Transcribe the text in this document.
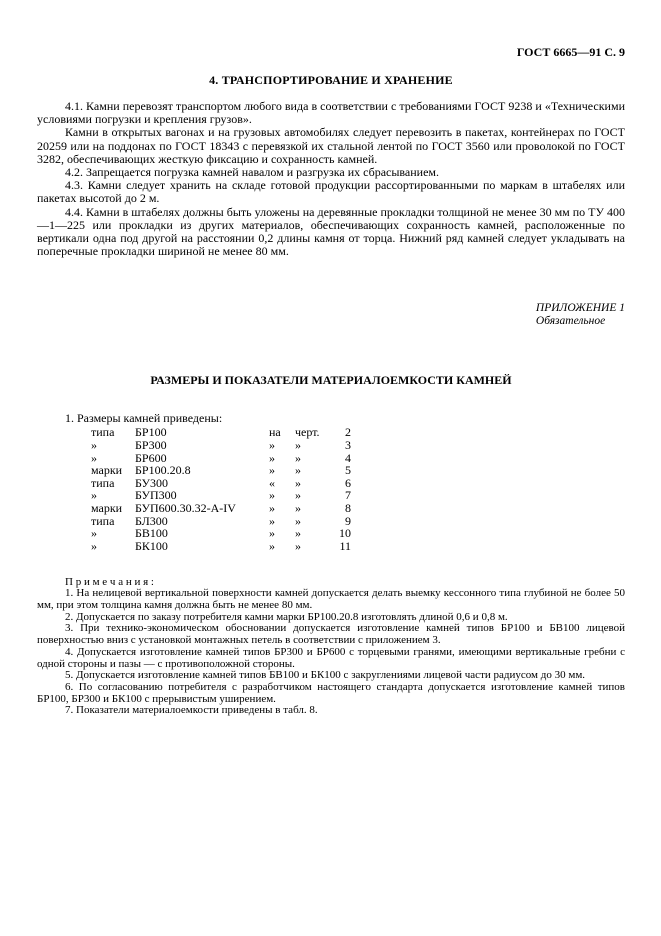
ГОСТ 6665—91 С. 9
4. ТРАНСПОРТИРОВАНИЕ И ХРАНЕНИЕ

4.1. Камни перевозят транспортом любого вида в соответствии с требованиями ГОСТ 9238 и «Техническими условиями погрузки и крепления грузов».

Камни в открытых вагонах и на грузовых автомобилях следует перевозить в пакетах, контейнерах по ГОСТ 20259 или на поддонах по ГОСТ 18343 с перевязкой их стальной лентой по ГОСТ 3560 или проволокой по ГОСТ 3282, обеспечивающих жесткую фиксацию и сохранность камней.

4.2. Запрещается погрузка камней навалом и разгрузка их сбрасыванием.

4.3. Камни следует хранить на складе готовой продукции рассортированными по маркам в штабелях или пакетах высотой до 2 м.

4.4. Камни в штабелях должны быть уложены на деревянные прокладки толщиной не менее 30 мм по ТУ 400—1—225 или прокладки из других материалов, обеспечивающих сохранность камней, расположенные по вертикали одна под другой на расстоянии 0,2 длины камня от торца. Нижний ряд камней следует укладывать на поперечные прокладки шириной не менее 80 мм.

ПРИЛОЖЕНИЕ 1
Обязательное
РАЗМЕРЫ И ПОКАЗАТЕЛИ МАТЕРИАЛОЕМКОСТИ КАМНЕЙ
1. Размеры камней приведены:
типа	БР100	на	черт.	2
»	БР300	»	»	3
»	БР600	»	»	4
марки	БР100.20.8	»	»	5
типа	БУ300	«	»	6
»	БУП300	»	»	7
марки	БУП600.30.32-А-IV	»	»	8
типа	БЛ300	»	»	9
»	БВ100	»	»	10
»	БК100	»	»	11
П р и м е ч а н и я :

1. На нелицевой вертикальной поверхности камней допускается делать выемку кессонного типа глубиной не более 50 мм, при этом толщина камня должна быть не менее 80 мм.

2. Допускается по заказу потребителя камни марки БР100.20.8 изготовлять длиной 0,6 и 0,8 м.

3. При технико-экономическом обосновании допускается изготовление камней типов БР100 и БВ100 лицевой поверхностью вниз с установкой монтажных петель в соответствии с приложением 3.

4. Допускается изготовление камней типов БР300 и БР600 с торцевыми гранями, имеющими вертикальные гребни с одной стороны и пазы — с противоположной стороны.

5. Допускается изготовление камней типов БВ100 и БК100 с закруглениями лицевой части радиусом до 30 мм.

6. По согласованию потребителя с разработчиком настоящего стандарта допускается изготовление камней типов БР100, БР300 и БК100 с прерывистым уширением.

7. Показатели материалоемкости приведены в табл. 8.
